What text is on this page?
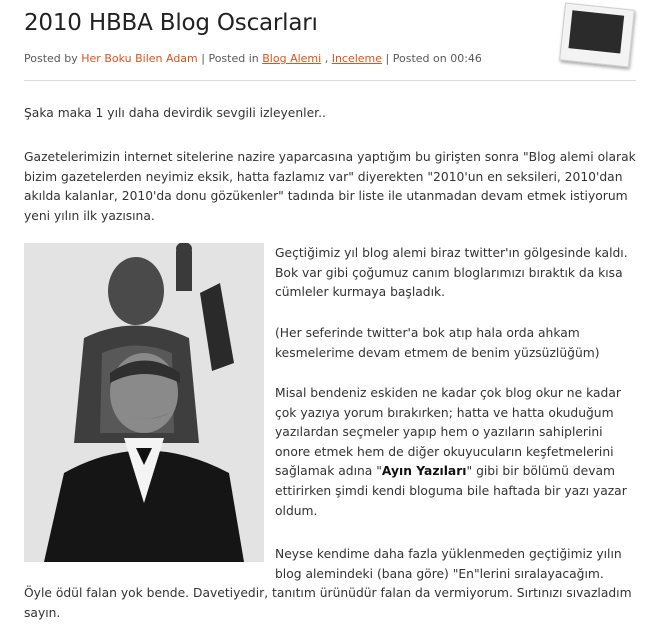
2010 HBBA Blog Oscarları
Posted by Her Boku Bilen Adam | Posted in Blog Alemi , Inceleme | Posted on 00:46
Şaka maka 1 yılı daha devirdik sevgili izleyenler..
Gazetelerimizin internet sitelerine nazire yaparcasına yaptığım bu girişten sonra "Blog alemi olarak bizim gazetelerden neyimiz eksik, hatta fazlamız var" diyerekten "2010'un en seksileri, 2010'dan akılda kalanlar, 2010'da donu gözükenler" tadında bir liste ile utanmadan devam etmek istiyorum yeni yılın ilk yazısına.
Geçtiğimiz yıl blog alemi biraz twitter'ın gölgesinde kaldı. Bok var gibi çoğumuz canım bloglarımızı bıraktık da kısa cümleler kurmaya başladık.
(Her seferinde twitter'a bok atıp hala orda ahkam kesmelerime devam etmem de benim yüzsüzlüğüm)
Misal bendeniz eskiden ne kadar çok blog okur ne kadar çok yazıya yorum bırakırken; hatta ve hatta okuduğum yazılardan seçmeler yapıp hem o yazıların sahiplerini onore etmek hem de diğer okuyucuların keşfetmelerini sağlamak adına "Ayın Yazıları" gibi bir bölümü devam ettirirken şimdi kendi bloguma bile haftada bir yazı yazar oldum.
Neyse kendime daha fazla yüklenmeden geçtiğimiz yılın blog alemindeki (bana göre) "En"lerini sıralayacağım.
Öyle ödül falan yok bende. Davetiyedir, tanıtım ürünüdür falan da vermiyorum. Sırtınızı sıvazladım sayın.
